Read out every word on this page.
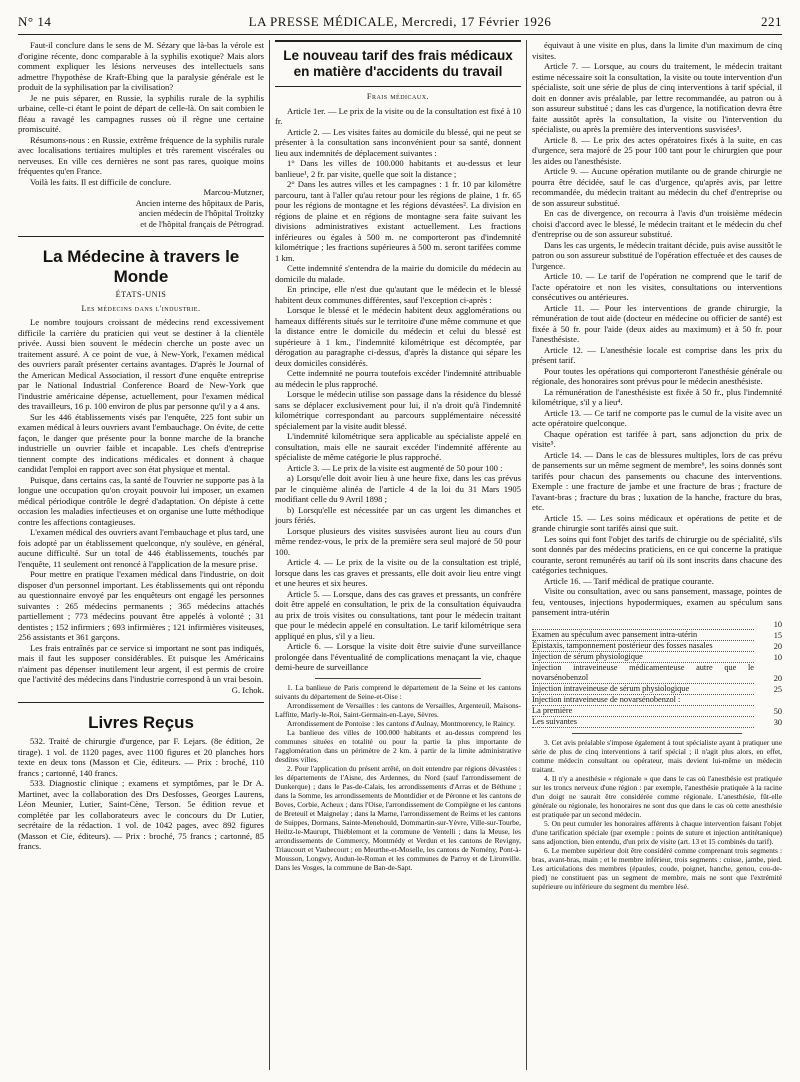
N° 14	LA PRESSE MÉDICALE, Mercredi, 17 Février 1926	221

Faut-il conclure dans le sens de M. Sézary que là-bas la vérole est d'origine récente, donc comparable à la syphilis exotique? Mais alors comment expliquer les lésions nerveuses des intellectuels sans admettre l'hypothèse de Kraft-Ebing que la paralysie générale est le produit de la syphilisation par la civilisation?

Je ne puis séparer, en Russie, la syphilis rurale de la syphilis urbaine, celle-ci étant le point de départ de celle-là. On sait combien le fléau a ravagé les campagnes russes où il règne une certaine promiscuité.

Résumons-nous : en Russie, extrême fréquence de la syphilis rurale avec localisations tertiaires multiples et très rarement viscérales ou nerveuses. En ville ces dernières ne sont pas rares, quoique moins fréquentes qu'en France.

Voilà les faits. Il est difficile de conclure.

Marcou-Mutzner,
Ancien interne des hôpitaux de Paris,
ancien médecin de l'hôpital Troïtzky
et de l'hôpital français de Pétrograd.
La Médecine à travers le Monde
ÉTATS-UNIS
Les médecins dans l'industrie.

Le nombre toujours croissant de médecins rend excessivement difficile la carrière du praticien qui veut se destiner à la clientèle privée. Aussi bien souvent le médecin cherche un poste avec un traitement assuré. A ce point de vue, à New-York, l'examen médical des ouvriers paraît présenter certains avantages. D'après le Journal of the American Medical Association, il ressort d'une enquête entreprise par le National Industrial Conference Board de New-York que l'industrie américaine dépense, actuellement, pour l'examen médical des travailleurs, 16 p. 100 environ de plus par personne qu'il y a 4 ans.

Sur les 446 établissements visés par l'enquête, 225 font subir un examen médical à leurs ouvriers avant l'embauchage. On évite, de cette façon, le danger que présente pour la bonne marche de la branche industrielle un ouvrier faible et incapable. Les chefs d'entreprise tiennent compte des indications médicales et donnent à chaque candidat l'emploi en rapport avec son état physique et mental.

Puisque, dans certains cas, la santé de l'ouvrier ne supporte pas à la longue une occupation qu'on croyait pouvoir lui imposer, un examen médical périodique contrôle le degré d'adaptation. On dépiste à cette occasion les maladies infectieuses et on organise une lutte méthodique contre les affections contagieuses.

L'examen médical des ouvriers avant l'embauchage et plus tard, une fois adopté par un établissement quelconque, n'y soulève, en général, aucune difficulté. Sur un total de 446 établissements, touchés par l'enquête, 11 seulement ont renoncé à l'application de la mesure prise.

Pour mettre en pratique l'examen médical dans l'industrie, on doit disposer d'un personnel important. Les établissements qui ont répondu au questionnaire envoyé par les enquêteurs ont engagé les personnes suivantes : 265 médecins permanents ; 365 médecins attachés partiellement ; 773 médecins pouvant être appelés à volonté ; 31 dentistes ; 152 infirmiers ; 693 infirmières ; 121 infirmières visiteuses, 256 assistants et 361 garçons.

Les frais entraînés par ce service si important ne sont pas indiqués, mais il faut les supposer considérables. Et puisque les Américains n'aiment pas dépenser inutilement leur argent, il est permis de croire que l'activité des médecins dans l'industrie correspond à un vrai besoin.

G. Ichok.
Livres Reçus

532. Traité de chirurgie d'urgence, par F. Lejars. (8e édition, 2e tirage). 1 vol. de 1120 pages, avec 1100 figures et 20 planches hors texte en deux tons (Masson et Cie, éditeurs. — Prix : broché, 110 francs ; cartonné, 140 francs.

533. Diagnostic clinique ; examens et symptômes, par le Dr A. Martinet, avec la collaboration des Drs Desfosses, Georges Laurens, Léon Meunier, Lutier, Saint-Cène, Terson. 5e édition revue et complétée par les collaborateurs avec le concours du Dr Lutier, secrétaire de la rédaction. 1 vol. de 1042 pages, avec 892 figures (Masson et Cie, éditeurs). — Prix : broché, 75 francs ; cartonné, 85 francs.

Le nouveau tarif des frais médicaux en matière d'accidents du travail
Frais médicaux.

Article 1er. — Le prix de la visite ou de la consultation est fixé à 10 fr.

Article 2. — Les visites faites au domicile du blessé, qui ne peut se présenter à la consultation sans inconvénient pour sa santé, donnent lieu aux indemnités de déplacement suivantes :

1° Dans les villes de 100.000 habitants et au-dessus et leur banlieue¹, 2 fr. par visite, quelle que soit la distance ;

2° Dans les autres villes et les campagnes : 1 fr. 10 par kilomètre parcouru, tant à l'aller qu'au retour pour les régions de plaine, 1 fr. 65 pour les régions de montagne et les régions dévastées². La division en régions de plaine et en régions de montagne sera faite suivant les divisions administratives existant actuellement. Les fractions inférieures ou égales à 500 m. ne comporteront pas d'indemnité kilométrique ; les fractions supérieures à 500 m. seront tarifées comme 1 km.

Cette indemnité s'entendra de la mairie du domicile du médecin au domicile du malade.

En principe, elle n'est due qu'autant que le médecin et le blessé habitent deux communes différentes, sauf l'exception ci-après :

Lorsque le blessé et le médecin habitent deux agglomérations ou hameaux différents situés sur le territoire d'une même commune et que la distance entre le domicile du médecin et celui du blessé est supérieure à 1 km., l'indemnité kilométrique est décomptée, par dérogation au paragraphe ci-dessus, d'après la distance qui sépare les deux domiciles considérés.

Cette indemnité ne pourra toutefois excéder l'indemnité attribuable au médecin le plus rapproché.

Lorsque le médecin utilise son passage dans la résidence du blessé sans se déplacer exclusivement pour lui, il n'a droit qu'à l'indemnité kilométrique correspondant au parcours supplémentaire nécessité spécialement par la visite audit blessé.

L'indemnité kilométrique sera applicable au spécialiste appelé en consultation, mais elle ne saurait excéder l'indemnité afférente au spécialiste de même catégorie le plus rapproché.

Article 3. — Le prix de la visite est augmenté de 50 pour 100 :

a) Lorsqu'elle doit avoir lieu à une heure fixe, dans les cas prévus par le cinquième alinéa de l'article 4 de la loi du 31 Mars 1905 modifiant celle du 9 Avril 1898 ;

b) Lorsqu'elle est nécessitée par un cas urgent les dimanches et jours fériés.

Lorsque plusieurs des visites susvisées auront lieu au cours d'un même rendez-vous, le prix de la première sera seul majoré de 50 pour 100.

Article 4. — Le prix de la visite ou de la consultation est triplé, lorsque dans les cas graves et pressants, elle doit avoir lieu entre vingt et une heures et six heures.

Article 5. — Lorsque, dans des cas graves et pressants, un confrère doit être appelé en consultation, le prix de la consultation équivaudra au prix de trois visites ou consultations, tant pour le médecin traitant que pour le médecin appelé en consultation. Le tarif kilométrique sera appliqué en plus, s'il y a lieu.

Article 6. — Lorsque la visite doit être suivie d'une surveillance prolongée dans l'éventualité de complications menaçant la vie, chaque demi-heure de surveillance

1. La banlieue de Paris comprend le département de la Seine et les cantons suivants du département de Seine-et-Oise :

Arrondissement de Versailles : les cantons de Versailles, Argenteuil, Maisons-Laffitte, Marly-le-Roi, Saint-Germain-en-Laye, Sèvres.

Arrondissement de Pontoise : les cantons d'Aulnay, Montmorency, le Raincy.

La banlieue des villes de 100.000 habitants et au-dessus comprend les communes situées en totalité ou pour la partie la plus importante de l'agglomération dans un périmètre de 2 km. à partir de la limite administrative desdites villes.

2. Pour l'application du présent arrêté, on doit entendre par régions dévastées : les départements de l'Aisne, des Ardennes, du Nord (sauf l'arrondissement de Dunkerque) ; dans le Pas-de-Calais, les arrondissements d'Arras et de Béthune ; dans la Somme, les arrondissements de Montdidier et de Péronne et les cantons de Boves, Corbie, Acheux ; dans l'Oise, l'arrondissement de Compiègne et les cantons de Breteuil et Maignelay ; dans la Marne, l'arrondissement de Reims et les cantons de Suippes, Dormans, Sainte-Menehould, Dommartin-sur-Yèvre, Ville-sur-Tourbe, Heiltz-le-Maurupt, Thiéblemont et la commune de Ventelli ; dans la Meuse, les arrondissements de Commercy, Montmédy et Verdun et les cantons de Revigny, Triaucourt et Vaubecourt ; en Meurthe-et-Moselle, les cantons de Nomény, Pont-à-Mousson, Longwy, Audun-le-Roman et les communes de Parroy et de Lironville. Dans les Vosges, la commune de Ban-de-Sapt.

équivaut à une visite en plus, dans la limite d'un maximum de cinq visites.

Article 7. — Lorsque, au cours du traitement, le médecin traitant estime nécessaire soit la consultation, la visite ou toute intervention d'un spécialiste, soit une série de plus de cinq interventions à tarif spécial, il doit en donner avis préalable, par lettre recommandée, au patron ou à son assureur substitué ; dans les cas d'urgence, la notification devra être faite aussitôt après la consultation, la visite ou l'intervention du spécialiste, ou après la première des interventions susvisées³.

Article 8. — Le prix des actes opératoires fixés à la suite, en cas d'urgence, sera majoré de 25 pour 100 tant pour le chirurgien que pour les aides ou l'anesthésiste.

Article 9. — Aucune opération mutilante ou de grande chirurgie ne pourra être décidée, sauf le cas d'urgence, qu'après avis, par lettre recommandée, du médecin traitant au médecin du chef d'entreprise ou de son assureur substitué.

En cas de divergence, on recourra à l'avis d'un troisième médecin choisi d'accord avec le blessé, le médecin traitant et le médecin du chef d'entreprise ou de son assureur substitué.

Dans les cas urgents, le médecin traitant décide, puis avise aussitôt le patron ou son assureur substitué de l'opération effectuée et des causes de l'urgence.

Article 10. — Le tarif de l'opération ne comprend que le tarif de l'acte opératoire et non les visites, consultations ou interventions consécutives ou antérieures.

Article 11. — Pour les interventions de grande chirurgie, la rémunération de tout aide (docteur en médecine ou officier de santé) est fixée à 50 fr. pour l'aide (deux aides au maximum) et à 50 fr. pour l'anesthésiste.

Article 12. — L'anesthésie locale est comprise dans les prix du présent tarif.

Pour toutes les opérations qui comporteront l'anesthésie générale ou régionale, des honoraires sont prévus pour le médecin anesthésiste.

La rémunération de l'anesthésiste est fixée à 50 fr., plus l'indemnité kilométrique, s'il y a lieu⁴.

Article 13. — Ce tarif ne comporte pas le cumul de la visite avec un acte opératoire quelconque.

Chaque opération est tarifée à part, sans adjonction du prix de visite⁵.

Article 14. — Dans le cas de blessures multiples, lors de cas prévu de pansements sur un même segment de membre⁶, les soins donnés sont tarifés pour chacun des pansements ou chacune des interventions. Exemple : une fracture de jambe et une fracture de bras ; fracture de l'avant-bras ; fracture du bras ; luxation de la hanche, fracture du bras, etc.

Article 15. — Les soins médicaux et opérations de petite et de grande chirurgie sont tarifés ainsi que suit.

Les soins qui font l'objet des tarifs de chirurgie ou de spécialité, s'ils sont donnés par des médecins praticiens, en ce qui concerne la pratique courante, seront remunérés au tarif où ils sont inscrits dans chacune des catégories techniques.

Article 16. — Tarif médical de pratique courante.

Visite ou consultation, avec ou sans pansement, massage, pointes de feu, ventouses, injections hypodermiques, examen au spéculum sans pansement intra-utérin

	10
Examen au spéculum avec pansement intra-utérin	15
Épistaxis, tamponnement postérieur des fosses nasales	20
Injection de sérum physiologique	10
Injection intraveineuse médicamenteuse autre que le novarsénobenzol	20
Injection intraveineuse de sérum physiologique	25
Injection intraveineuse de novarsénobenzol :	
La première	50
Les suivantes	30

3. Cet avis préalable s'impose également à tout spécialiste ayant à pratiquer une série de plus de cinq interventions à tarif spécial ; il n'agit plus alors, en effet, comme médecin consultant ou opérateur, mais devient lui-même un médecin traitant.

4. Il n'y a anesthésie « régionale » que dans le cas où l'anesthésie est pratiquée sur les troncs nerveux d'une région : par exemple, l'anesthésie pratiquée à la racine d'un doigt ne saurait être considérée comme régionale. L'anesthésie, fût-elle générale ou régionale, les honoraires ne sont dus que dans le cas où cette anesthésie est pratiquée par un second médecin.

5. On peut cumuler les honoraires afférents à chaque intervention faisant l'objet d'une tarification spéciale (par exemple : points de suture et injection antitétanique) sans adjonction, bien entendu, d'un prix de visite (art. 13 et 15 combinés du tarif).

6. Le membre supérieur doit être considéré comme comprenant trois segments : bras, avant-bras, main ; et le membre inférieur, trois segments : cuisse, jambe, pied. Les articulations des membres (épaules, coude, poignet, hanche, genou, cou-de-pied) ne constituent pas un segment de membre, mais ne sont que l'extrémité supérieure ou inférieure du segment du membre lésé.
